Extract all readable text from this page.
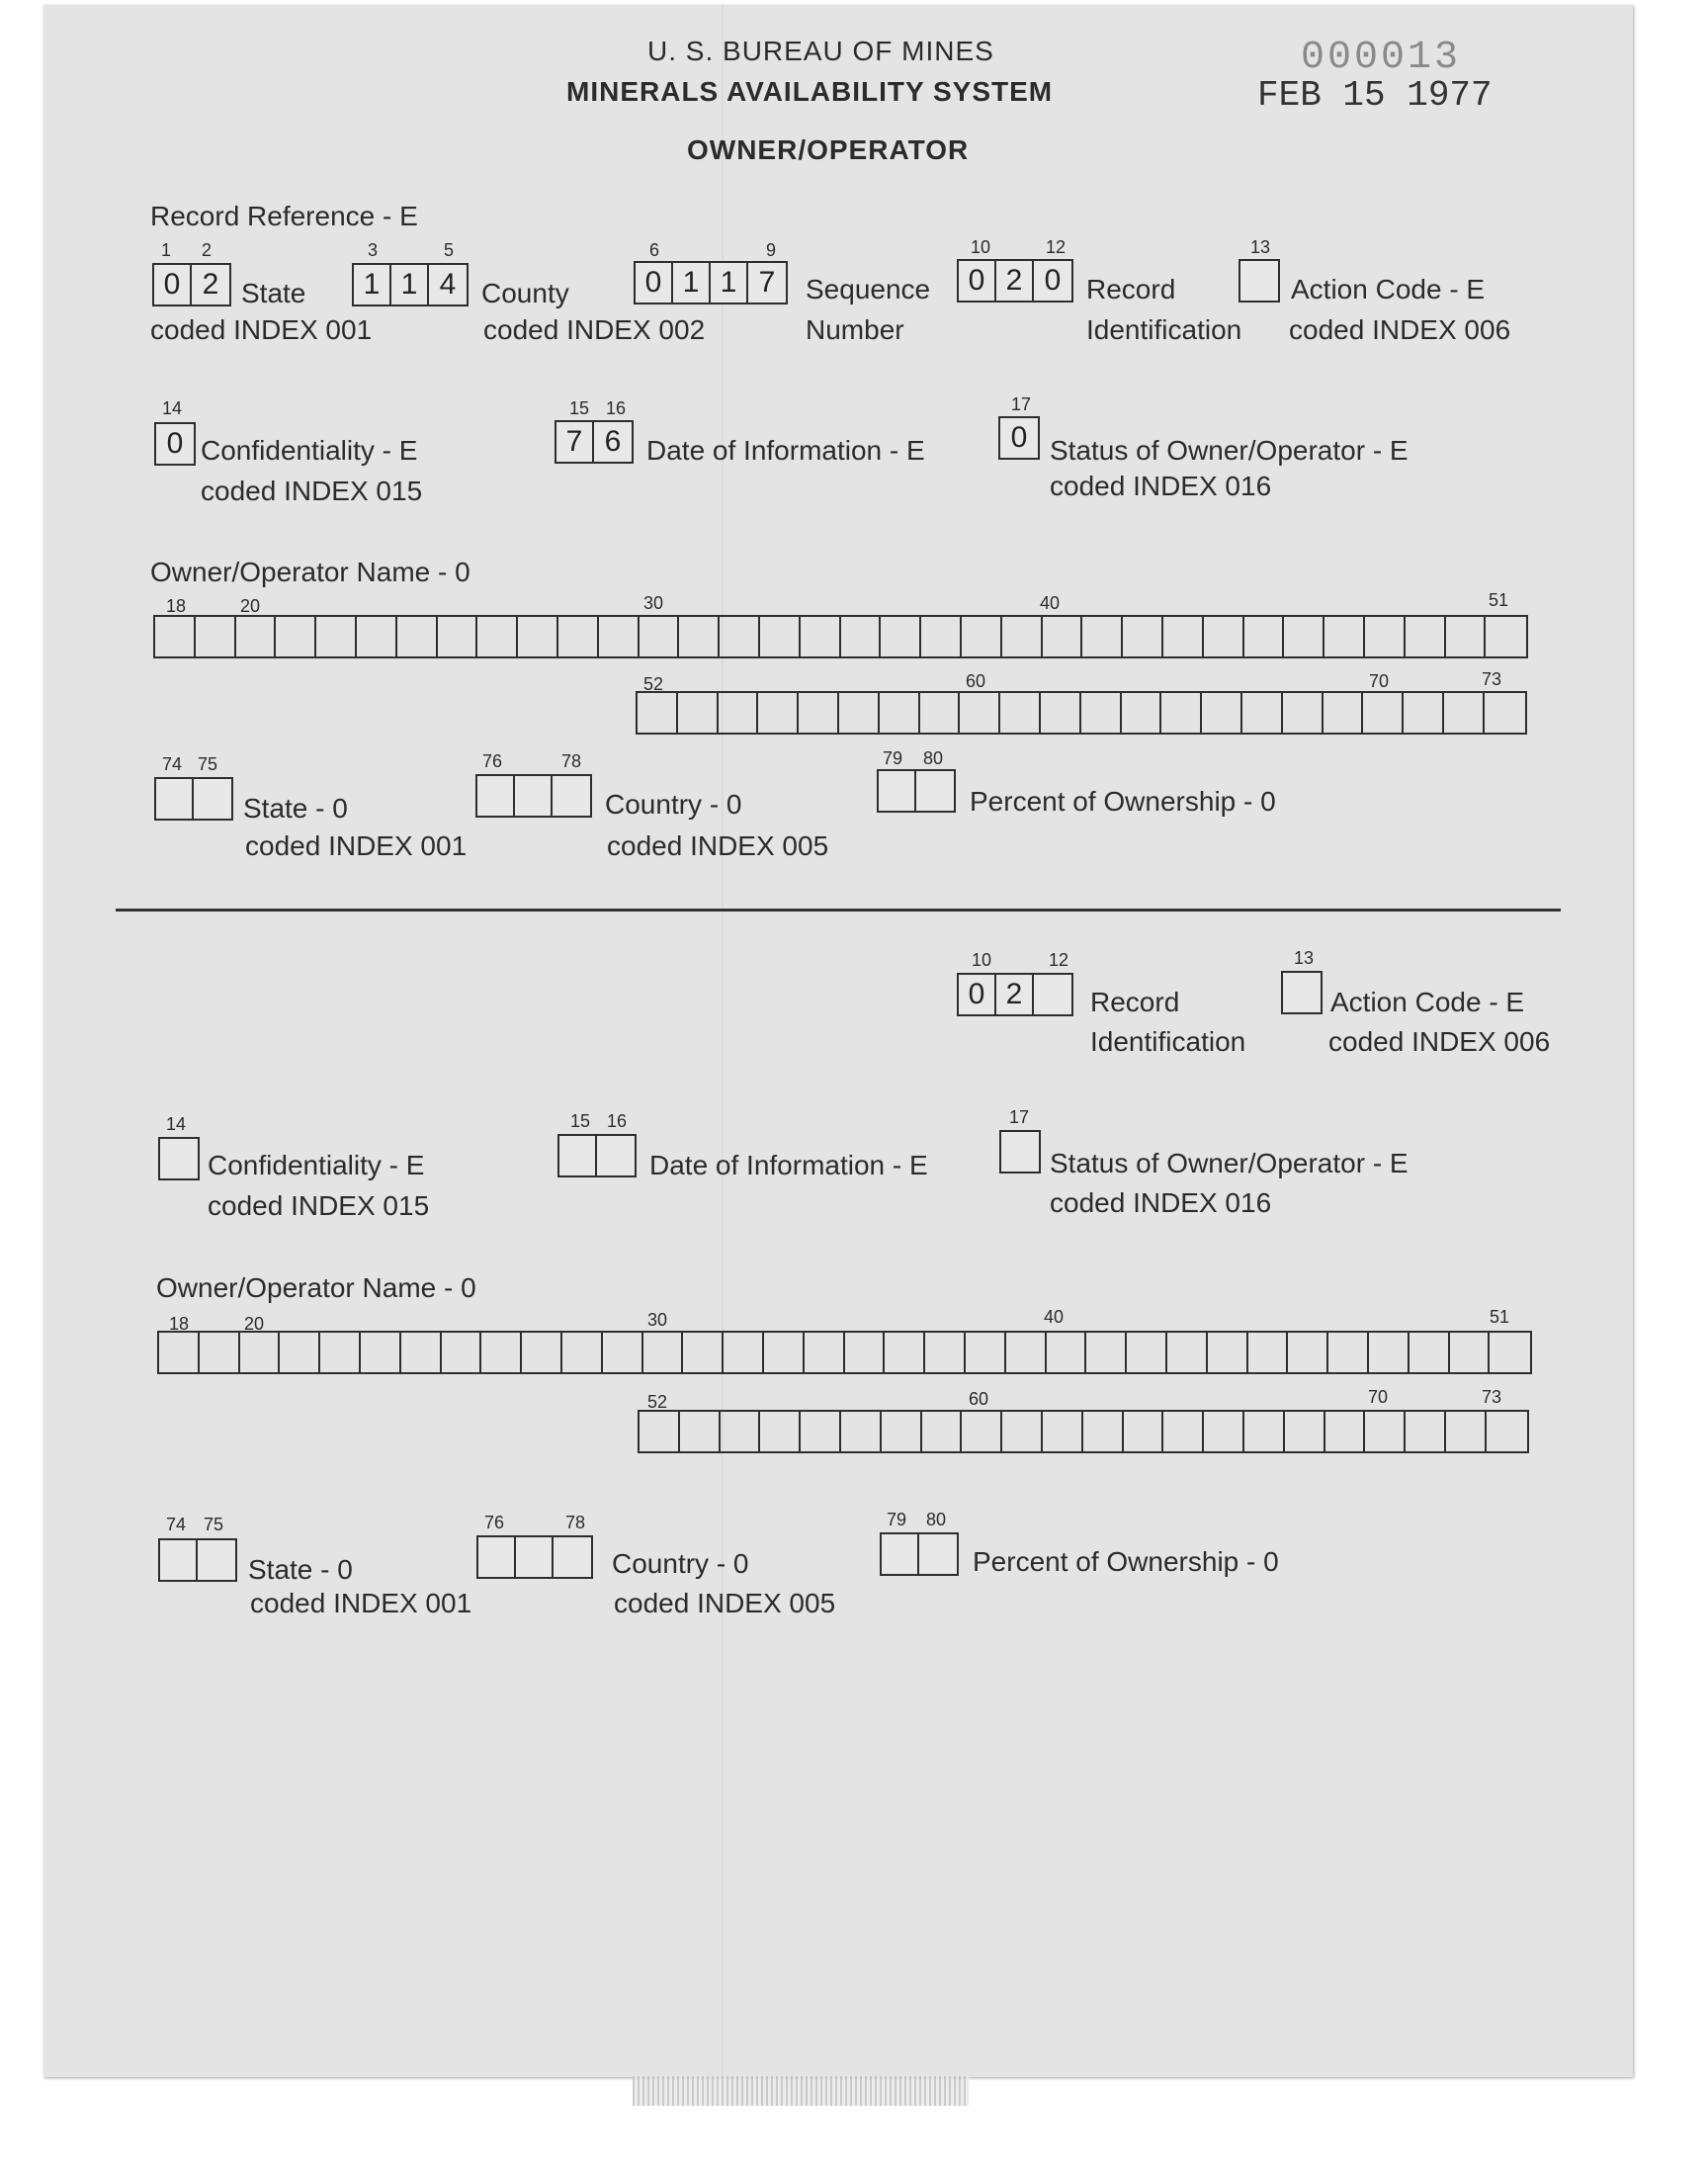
U. S. BUREAU OF MINES
MINERALS AVAILABILITY SYSTEM
OWNER/OPERATOR
000013
FEB 15 1977
Record Reference - E
1 2
0 2 State
coded INDEX 001
3	5
1 1 4 County
coded INDEX 002
6	9
0 1 1 7	Sequence
Number
10	12
0 2 0 Record
Identification
13
Action Code - E
coded INDEX 006
14
0 Confidentiality - E
coded INDEX 015
15 16
7 6 Date of Information - E
17
0 Status of Owner/Operator - E
coded INDEX 016
Owner/Operator Name - 0
18	20	30	40	51
52	60	70	73
74 75
State - 0
coded INDEX 001
76	78
Country - 0
coded INDEX 005
79 80
Percent of Ownership - 0
10	12
0 2	Record
Identification
13
Action Code - E
coded INDEX 006
14
Confidentiality - E
coded INDEX 015
15 16
Date of Information - E
17
Status of Owner/Operator - E
coded INDEX 016
Owner/Operator Name - 0
18	20	30	40	51
52	60	70	73
74 75
State - 0
coded INDEX 001
76	78
Country - 0
coded INDEX 005
79 80
Percent of Ownership - 0
